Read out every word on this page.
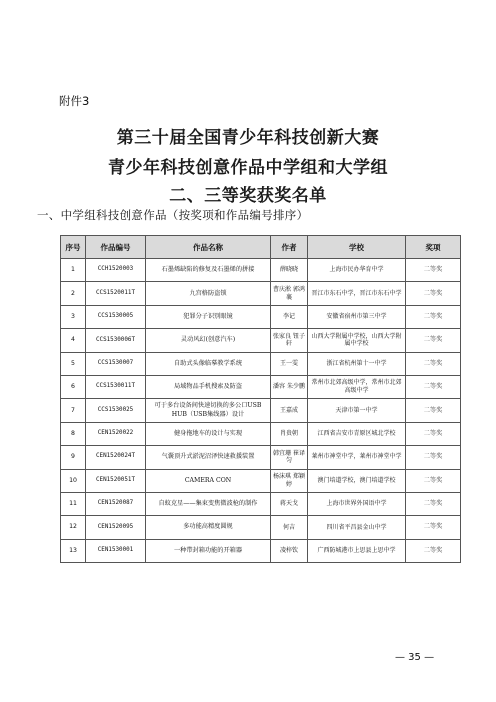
附件3
第三十届全国青少年科技创新大赛
青少年科技创意作品中学组和大学组
二、三等奖获奖名单
一、中学组科技创意作品（按奖项和作品编号排序）
序号	作品编号	作品名称	作者	学校	奖项
1	CCH1520003	石墨烯缺陷的修复及石墨烯的拼接	薛晓晓	上海市民办华育中学	二等奖
2	CCS1520011T	九宫格防盗锁	曹庆淞 郭鸿襄	晋江市东石中学，晋江市东石中学	二等奖
3	CCS1530005	犯罪分子识别眼镜	李记	安徽省宿州市第三中学	二等奖
4	CCS1530006T	灵动风幻(创意汽车)	张家良 钮子轩	山西大学附属中学校，山西大学附属中学校	二等奖
5	CCS1530007	自助式头像临摹教学系统	王一雯	浙江省杭州第十一中学	二等奖
6	CCS1530011T	局域物品手机搜索及防盗	潘容 朱少鹏	常州市北郊高级中学，常州市北郊高级中学	二等奖
7	CCS1530025	可于多台设备间快速切换的多公口USB HUB（USB集线器）设计	王嘉成	天津市第一中学	二等奖
8	CEN1520022	健身拖地车的设计与实现	肖贵朝	江西省吉安市青原区城北学校	二等奖
9	CEN1520024T	气囊顶升式淤泥沼泽快速救援装置	韩宜珊 崔译匀	莱州市神堂中学，莱州市神堂中学	二等奖
10	CEN1520051T	CAMERA CON	杨沫琪 郑颖婷	澳门培道学校，澳门培道学校	二等奖
11	CEN1520087	自蚊克星——集束变焦微波枪的制作	蒋天戈	上海市世界外国语中学	二等奖
12	CEN1520095	多功能高精度圆规	何吉	四川省平昌县金山中学	二等奖
13	CEN1530001	一种带封箱功能的开箱器	凌梓钦	广西防城港市上思县上思中学	二等奖
— 35 —
